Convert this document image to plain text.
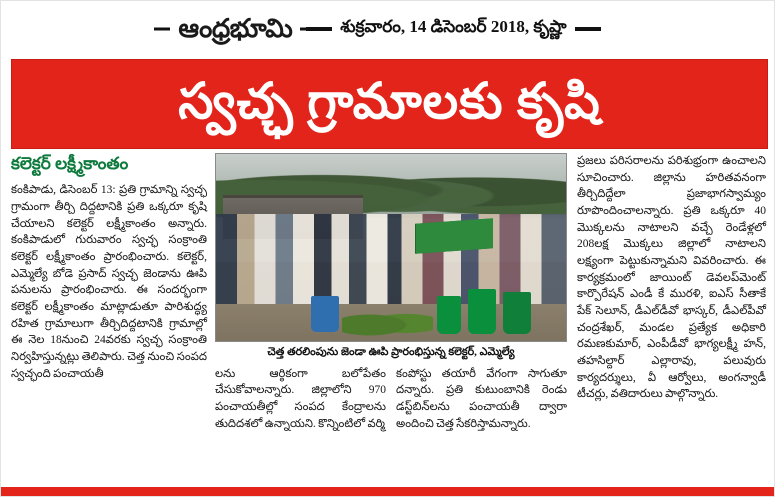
ఆంధ్రభూమి	శుక్రవారం, 14 డిసెంబర్ 2018, కృష్ణా
స్వచ్ఛ గ్రామాలకు కృషి
కలెక్టర్ లక్ష్మీకాంతం

కంకిపాడు, డిసెంబర్ 13: ప్రతి గ్రామాన్ని స్వచ్ఛ గ్రామంగా తీర్చి దిద్దటానికి ప్రతి ఒక్కరూ కృషి చేయాలని కలెక్టర్ లక్ష్మీకాంతం అన్నారు. కంకిపాడులో గురువారం స్వచ్ఛ సంక్రాంతి కలెక్టర్ లక్ష్మీకాంతం ప్రారంభించారు. కలెక్టర్, ఎమ్మెల్యే బోడె ప్రసాద్ స్వచ్ఛ జెండాను ఊపి పనులను ప్రారంభించారు. ఈ సందర్భంగా కలెక్టర్ లక్ష్మీకాంతం మాట్లాడుతూ పారిశుద్ధ్య రహిత గ్రామాలుగా తీర్చిదిద్దటానికి గ్రామాల్లో ఈ నెల 18నుంచి 24వరకు స్వచ్ఛ సంక్రాంతి నిర్వహిస్తున్నట్లు తెలిపారు. చెత్త నుంచి సంపద స్వచ్ఛంది పంచాయతీ

చెత్త తరలింపును జెండా ఊపి ప్రారంభిస్తున్న కలెక్టర్, ఎమ్మెల్యే

లను ఆర్ఠికంగా బలోపేతం చేసుకోవాలన్నారు. జిల్లాలోని 970 పంచాయతీల్లో సంపద కేంద్రాలను తుదిదశలో ఉన్నాయని. కొన్నింటిలో వర్మి

కంపోస్టు తయారీ వేగంగా సాగుతూ దన్నారు. ప్రతి కుటుంబానికి రెండు డస్ట్‌బిన్‌లను పంచాయతీ ద్వారా అందించి చెత్త సేకరిస్తామన్నారు.

ప్రజలు పరిసరాలను పరిశుభ్రంగా ఉంచాలని సూచించారు. జిల్లాను హరితవనంగా తీర్చిదిద్దేలా ప్రజాభాగస్వామ్యం రూపొందించాలన్నారు. ప్రతి ఒక్కరూ 40 మొక్కలను నాటాలని వచ్చే రెండేళ్లలో 208లక్ష మొక్కలు జిల్లాలో నాటాలని లక్ష్యంగా పెట్టుకున్నామని వివరించారు. ఈ కార్యక్రమంలో జాయింట్ డెవలప్‌మెంట్ కార్పొరేషన్ ఎండీ కే మురళి, ఐఎస్ సీతాకే పేక్ సెలూన్, డీఎల్‌డీవో భాస్కర్, డీఎల్‌పీవో చంద్రశేఖర్, మండల ప్రత్యేక అధికారి రమణకుమార్, ఎంపీడీవో భాగ్యలక్ష్మీ హన్, తహసిల్దార్ ఎల్లారావు, పలువురు కార్యదర్శులు, వీ ఆర్వోలు, అంగన్వాడీ టీచర్లు, వతిదారులు పాల్గొన్నారు.
